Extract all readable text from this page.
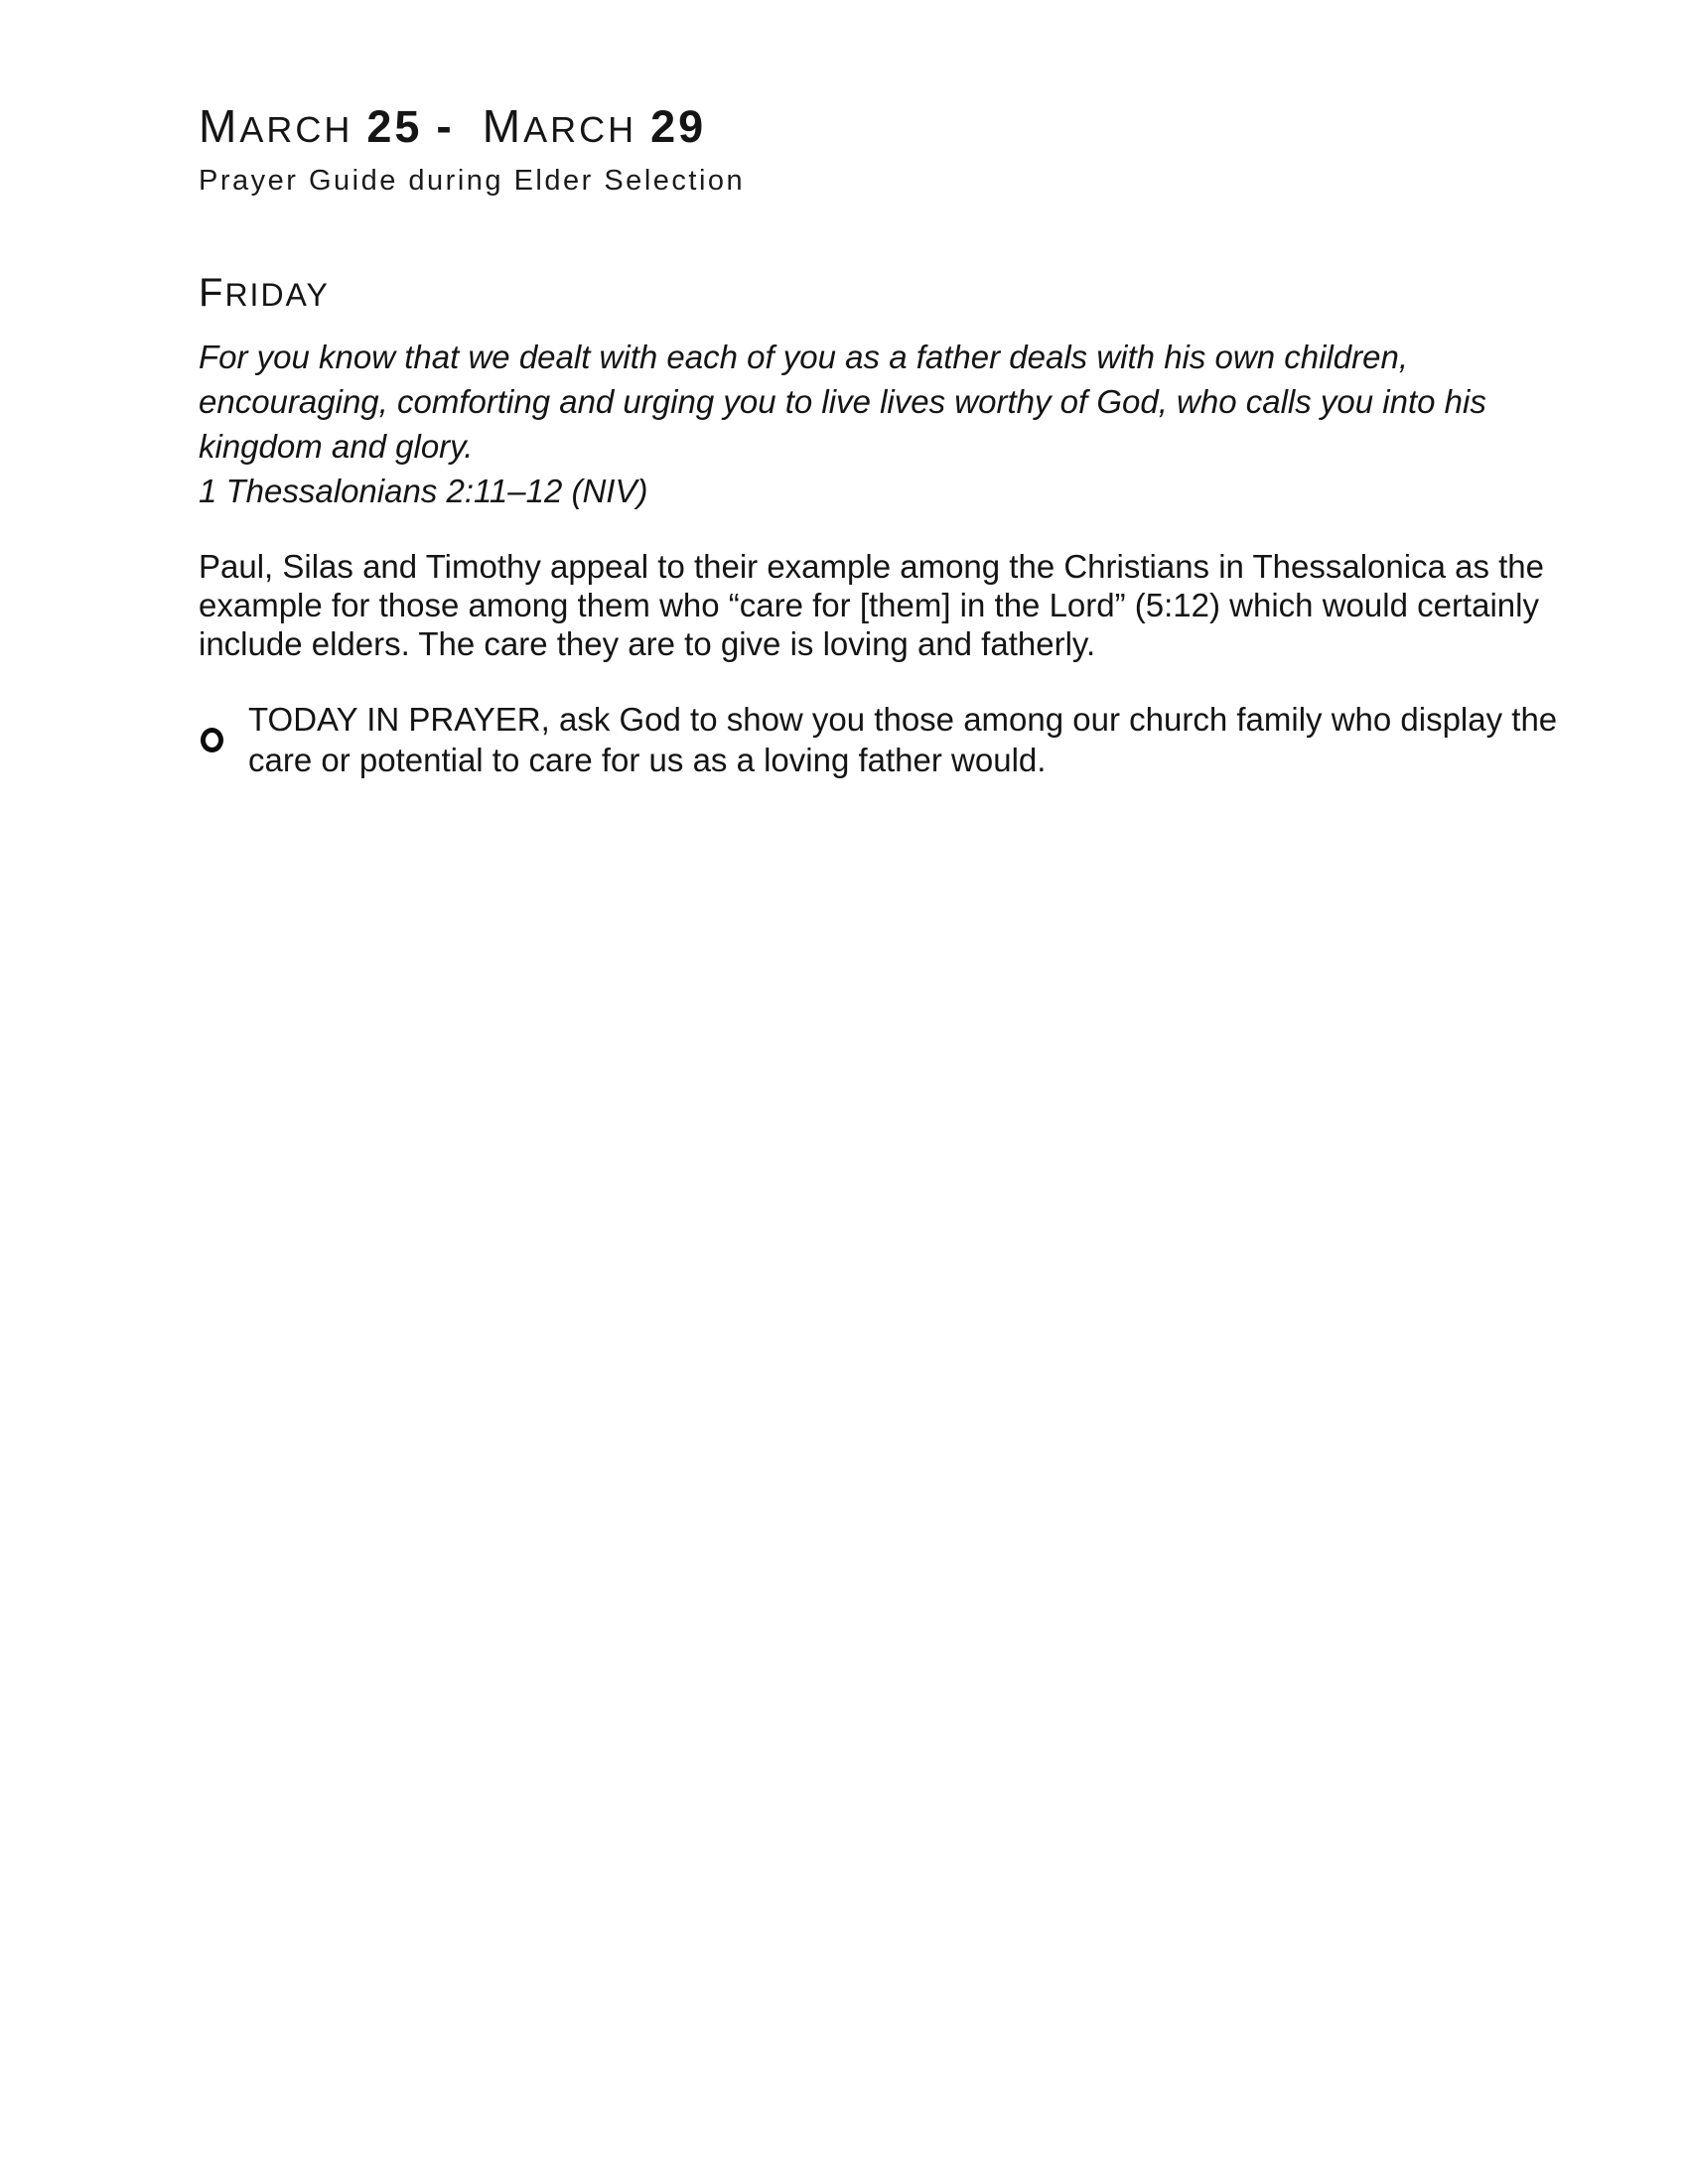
MARCH 25 - MARCH 29
Prayer Guide during Elder Selection
FRIDAY
For you know that we dealt with each of you as a father deals with his own children,
encouraging, comforting and urging you to live lives worthy of God, who calls you into his
kingdom and glory.
1 Thessalonians 2:11–12 (NIV)
Paul, Silas and Timothy appeal to their example among the Christians in Thessalonica as the
example for those among them who “care for [them] in the Lord” (5:12) which would certainly
include elders. The care they are to give is loving and fatherly.
TODAY IN PRAYER, ask God to show you those among our church family who display the
care or potential to care for us as a loving father would.
